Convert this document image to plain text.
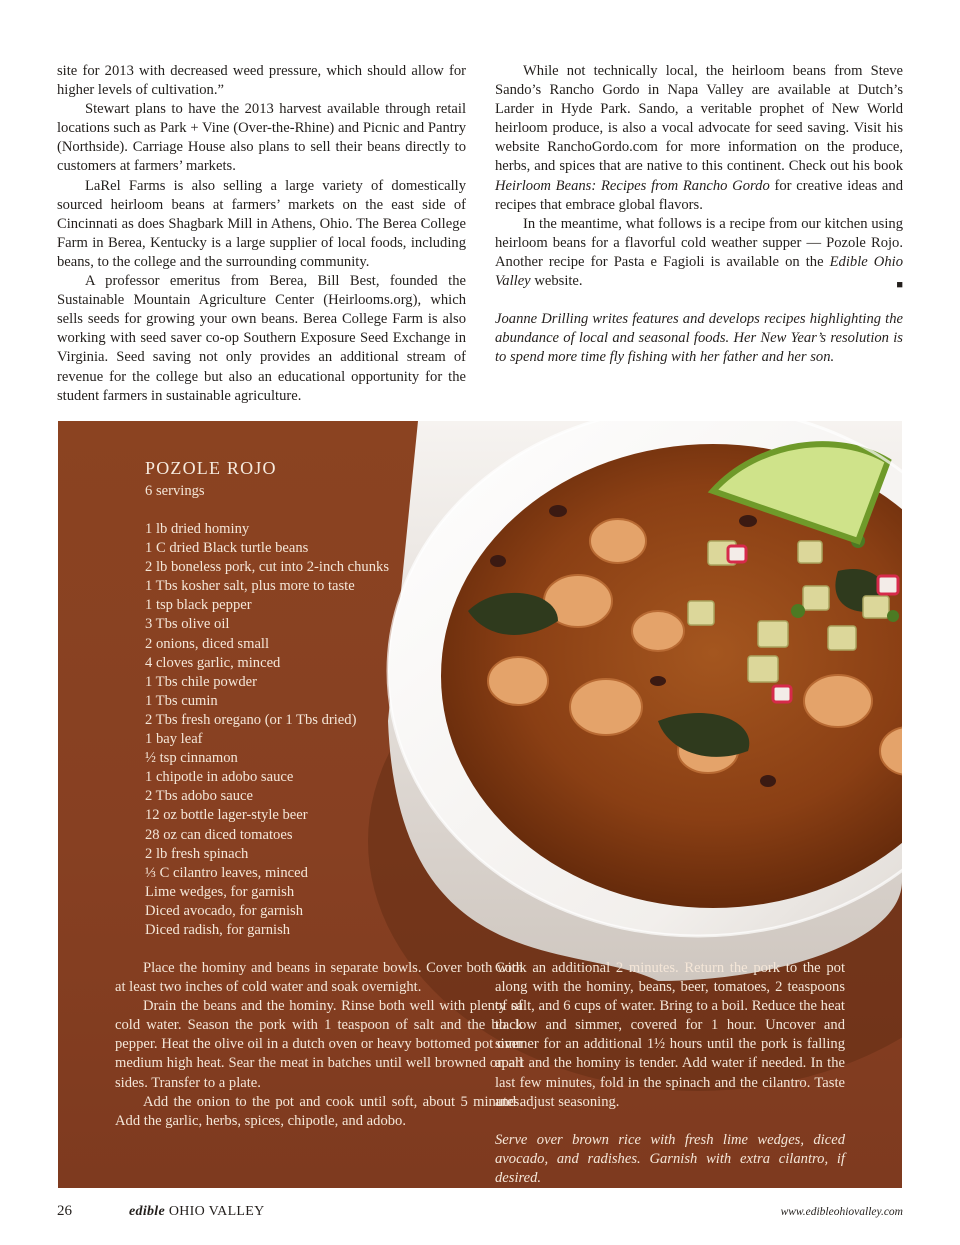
site for 2013 with decreased weed pressure, which should allow for higher levels of cultivation.”

Stewart plans to have the 2013 harvest available through retail locations such as Park + Vine (Over-the-Rhine) and Picnic and Pantry (Northside). Carriage House also plans to sell their beans directly to customers at farmers’ markets.

LaRel Farms is also selling a large variety of domestically sourced heirloom beans at farmers’ markets on the east side of Cincinnati as does Shagbark Mill in Athens, Ohio. The Berea College Farm in Berea, Kentucky is a large supplier of local foods, including beans, to the college and the surrounding community.

A professor emeritus from Berea, Bill Best, founded the Sustainable Mountain Agriculture Center (Heirlooms.org), which sells seeds for growing your own beans. Berea College Farm is also working with seed saver co-op Southern Exposure Seed Exchange in Virginia. Seed saving not only provides an additional stream of revenue for the college but also an educational opportunity for the student farmers in sustainable agriculture.

While not technically local, the heirloom beans from Steve Sando’s Rancho Gordo in Napa Valley are available at Dutch’s Larder in Hyde Park. Sando, a veritable prophet of New World heirloom produce, is also a vocal advocate for seed saving. Visit his website RanchoGordo.com for more information on the produce, herbs, and spices that are native to this continent. Check out his book Heirloom Beans: Recipes from Rancho Gordo for creative ideas and recipes that embrace global flavors.

In the meantime, what follows is a recipe from our kitchen using heirloom beans for a flavorful cold weather supper — Pozole Rojo. Another recipe for Pasta e Fagioli is available on the Edible Ohio Valley website.	■

Joanne Drilling writes features and develops recipes highlighting the abundance of local and seasonal foods. Her New Year’s resolution is to spend more time fly fishing with her father and her son.

POZOLE ROJO
6 servings
1 lb dried hominy
1 C dried Black turtle beans
2 lb boneless pork, cut into 2-inch chunks
1 Tbs kosher salt, plus more to taste
1 tsp black pepper
3 Tbs olive oil
2 onions, diced small
4 cloves garlic, minced
1 Tbs chile powder
1 Tbs cumin
2 Tbs fresh oregano (or 1 Tbs dried)
1 bay leaf
½ tsp cinnamon
1 chipotle in adobo sauce
2 Tbs adobo sauce
12 oz bottle lager-style beer
28 oz can diced tomatoes
2 lb fresh spinach
⅓ C cilantro leaves, minced
Lime wedges, for garnish
Diced avocado, for garnish
Diced radish, for garnish

Place the hominy and beans in separate bowls. Cover both with at least two inches of cold water and soak overnight.

Drain the beans and the hominy. Rinse both well with plenty of cold water. Season the pork with 1 teaspoon of salt and the black pepper. Heat the olive oil in a dutch oven or heavy bottomed pot over medium high heat. Sear the meat in batches until well browned on all sides. Transfer to a plate.

Add the onion to the pot and cook until soft, about 5 minutes. Add the garlic, herbs, spices, chipotle, and adobo.

Cook an additional 2 minutes. Return the pork to the pot along with the hominy, beans, beer, tomatoes, 2 teaspoons of salt, and 6 cups of water. Bring to a boil. Reduce the heat to low and simmer, covered for 1 hour. Uncover and simmer for an additional 1½ hours until the pork is falling apart and the hominy is tender. Add water if needed. In the last few minutes, fold in the spinach and the cilantro. Taste and adjust seasoning.

Serve over brown rice with fresh lime wedges, diced avocado, and radishes. Garnish with extra cilantro, if desired.

26	edible OHIO VALLEY	www.edibleohiovalley.com
